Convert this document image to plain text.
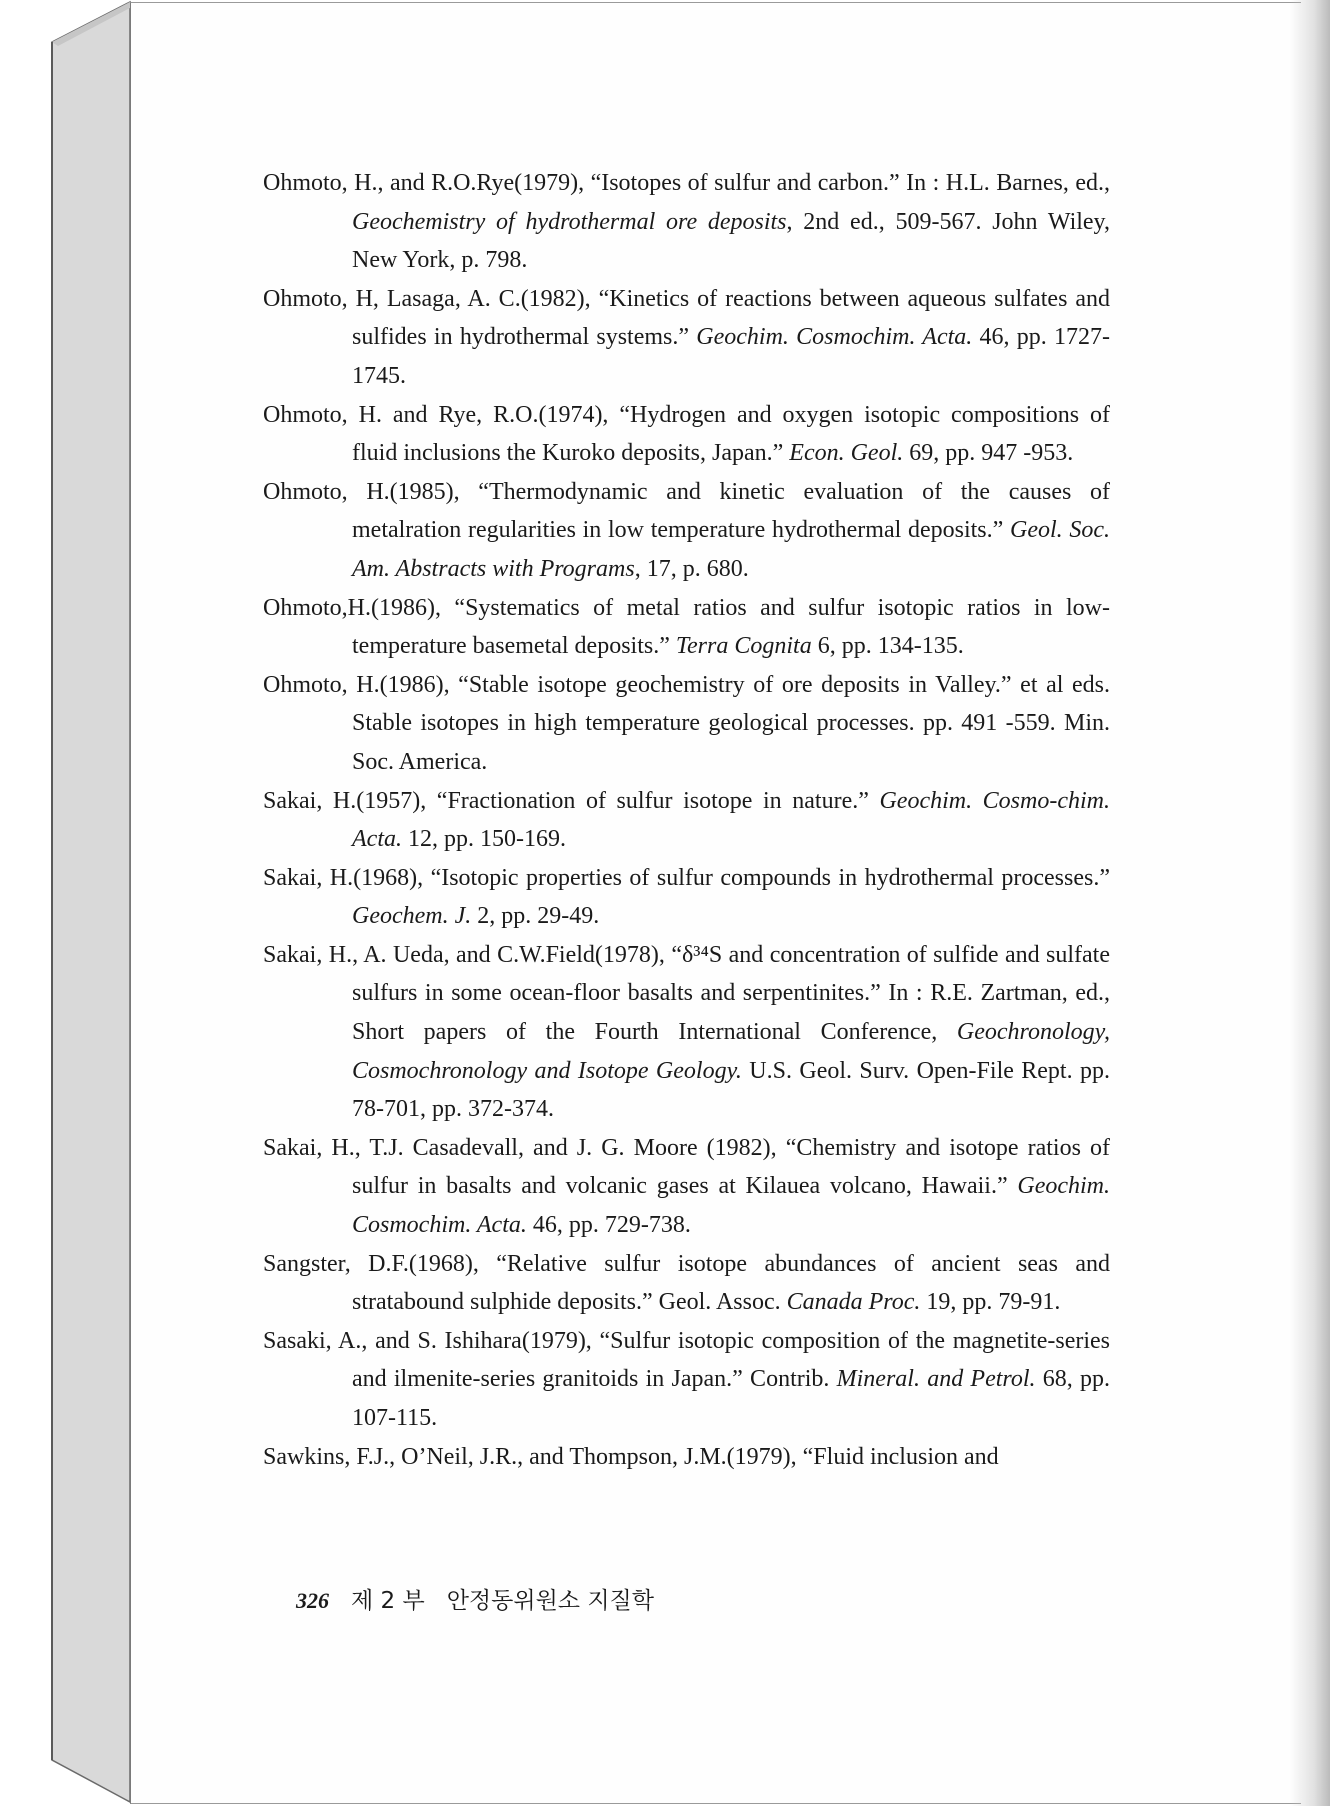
Ohmoto, H., and R.O.Rye(1979), “Isotopes of sulfur and carbon.” In : H.L. Barnes, ed., Geochemistry of hydrothermal ore deposits, 2nd ed., 509-567. John Wiley, New York, p. 798.

Ohmoto, H, Lasaga, A. C.(1982), “Kinetics of reactions between aqueous sulfates and sulfides in hydrothermal systems.” Geochim. Cosmochim. Acta. 46, pp. 1727-1745.

Ohmoto, H. and Rye, R.O.(1974), “Hydrogen and oxygen isotopic compositions of fluid inclusions the Kuroko deposits, Japan.” Econ. Geol. 69, pp. 947 -953.

Ohmoto, H.(1985), “Thermodynamic and kinetic evaluation of the causes of metalration regularities in low temperature hydrothermal deposits.” Geol. Soc. Am. Abstracts with Programs, 17, p. 680.

Ohmoto,H.(1986), “Systematics of metal ratios and sulfur isotopic ratios in low-temperature basemetal deposits.” Terra Cognita 6, pp. 134-135.

Ohmoto, H.(1986), “Stable isotope geochemistry of ore deposits in Valley.” et al eds. Stable isotopes in high temperature geological processes. pp. 491 -559. Min. Soc. America.

Sakai, H.(1957), “Fractionation of sulfur isotope in nature.” Geochim. Cosmo-chim. Acta. 12, pp. 150-169.

Sakai, H.(1968), “Isotopic properties of sulfur compounds in hydrothermal processes.” Geochem. J. 2, pp. 29-49.

Sakai, H., A. Ueda, and C.W.Field(1978), “δ³⁴S and concentration of sulfide and sulfate sulfurs in some ocean-floor basalts and serpentinites.” In : R.E. Zartman, ed., Short papers of the Fourth International Conference, Geochronology, Cosmochronology and Isotope Geology. U.S. Geol. Surv. Open-File Rept. pp. 78-701, pp. 372-374.

Sakai, H., T.J. Casadevall, and J. G. Moore (1982), “Chemistry and isotope ratios of sulfur in basalts and volcanic gases at Kilauea volcano, Hawaii.” Geochim. Cosmochim. Acta. 46, pp. 729-738.

Sangster, D.F.(1968), “Relative sulfur isotope abundances of ancient seas and stratabound sulphide deposits.” Geol. Assoc. Canada Proc. 19, pp. 79-91.

Sasaki, A., and S. Ishihara(1979), “Sulfur isotopic composition of the magnetite-series and ilmenite-series granitoids in Japan.” Contrib. Mineral. and Petrol. 68, pp. 107-115.

Sawkins, F.J., O’Neil, J.R., and Thompson, J.M.(1979), “Fluid inclusion and

326 제 2 부 안정동위원소 지질학
